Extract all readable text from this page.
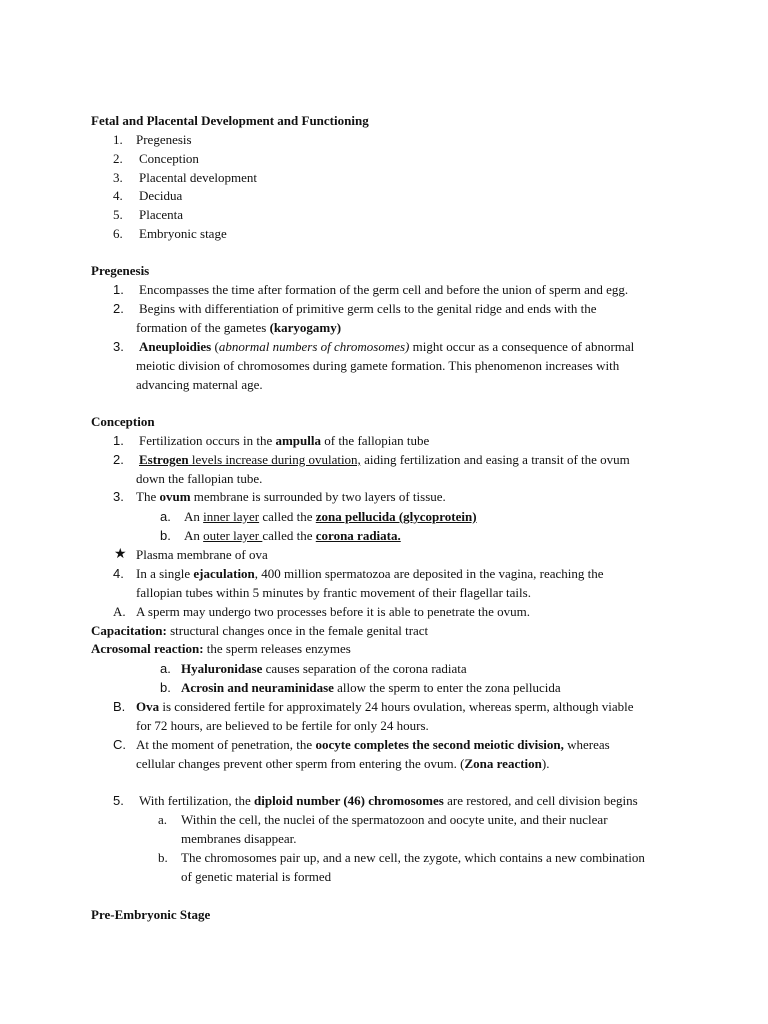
Fetal and Placental Development and Functioning
1. Pregenesis
2. Conception
3. Placental development
4. Decidua
5. Placenta
6. Embryonic stage
Pregenesis
1. Encompasses the time after formation of the germ cell and before the union of sperm and egg.
2. Begins with differentiation of primitive germ cells to the genital ridge and ends with the
formation of the gametes (karyogamy)
3. Aneuploidies (abnormal numbers of chromosomes) might occur as a consequence of abnormal
meiotic division of chromosomes during gamete formation. This phenomenon increases with
advancing maternal age.
Conception
1. Fertilization occurs in the ampulla of the fallopian tube
2. Estrogen levels increase during ovulation, aiding fertilization and easing a transit of the ovum
down the fallopian tube.
3. The ovum membrane is surrounded by two layers of tissue.
a. An inner layer called the zona pellucida (glycoprotein)
b. An outer layer called the corona radiata.
★ Plasma membrane of ova
4. In a single ejaculation, 400 million spermatozoa are deposited in the vagina, reaching the
fallopian tubes within 5 minutes by frantic movement of their flagellar tails.
A. A sperm may undergo two processes before it is able to penetrate the ovum.
Capacitation: structural changes once in the female genital tract
Acrosomal reaction: the sperm releases enzymes
a. Hyaluronidase causes separation of the corona radiata
b. Acrosin and neuraminidase allow the sperm to enter the zona pellucida
B. Ova is considered fertile for approximately 24 hours ovulation, whereas sperm, although viable
for 72 hours, are believed to be fertile for only 24 hours.
C. At the moment of penetration, the oocyte completes the second meiotic division, whereas
cellular changes prevent other sperm from entering the ovum. (Zona reaction).
5. With fertilization, the diploid number (46) chromosomes are restored, and cell division begins
a. Within the cell, the nuclei of the spermatozoon and oocyte unite, and their nuclear
membranes disappear.
b. The chromosomes pair up, and a new cell, the zygote, which contains a new combination
of genetic material is formed
Pre-Embryonic Stage
